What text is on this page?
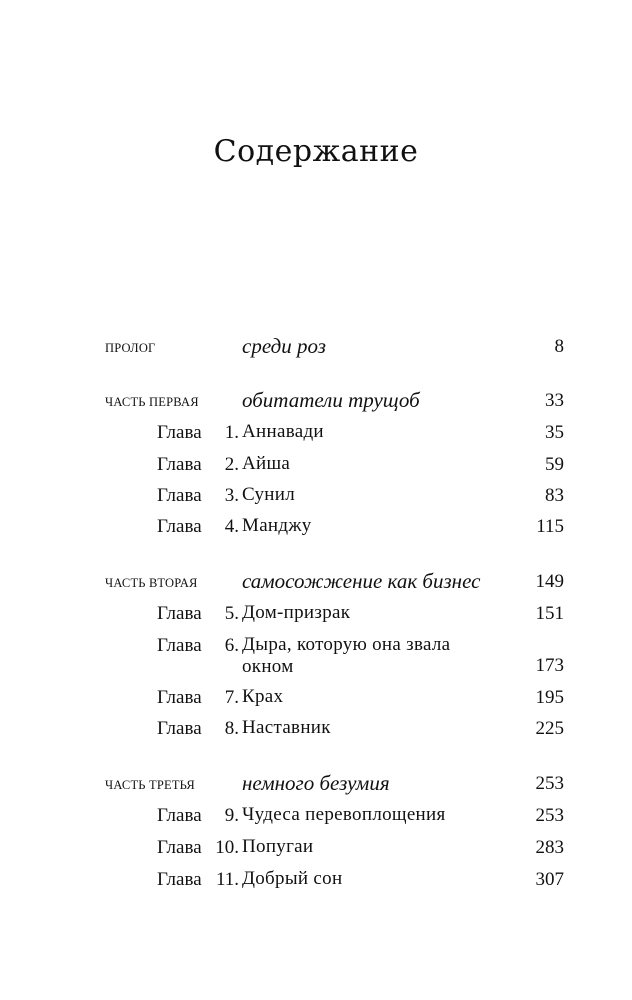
Содержание
ПРОЛОГ	среди роз	8
ЧАСТЬ ПЕРВАЯ обитатели трущоб	33
Глава 1. Аннавади	35
Глава 2. Айша	59
Глава 3. Сунил	83
Глава 4. Манджу	115
ЧАСТЬ ВТОРАЯ самосожжение как бизнес	149
Глава 5. Дом-призрак	151
Глава 6. Дыра, которую она звала окном	173
Глава 7. Крах	195
Глава 8. Наставник	225
ЧАСТЬ ТРЕТЬЯ немного безумия	253
Глава 9. Чудеса перевоплощения	253
Глава 10. Попугаи	283
Глава 11. Добрый сон	307
